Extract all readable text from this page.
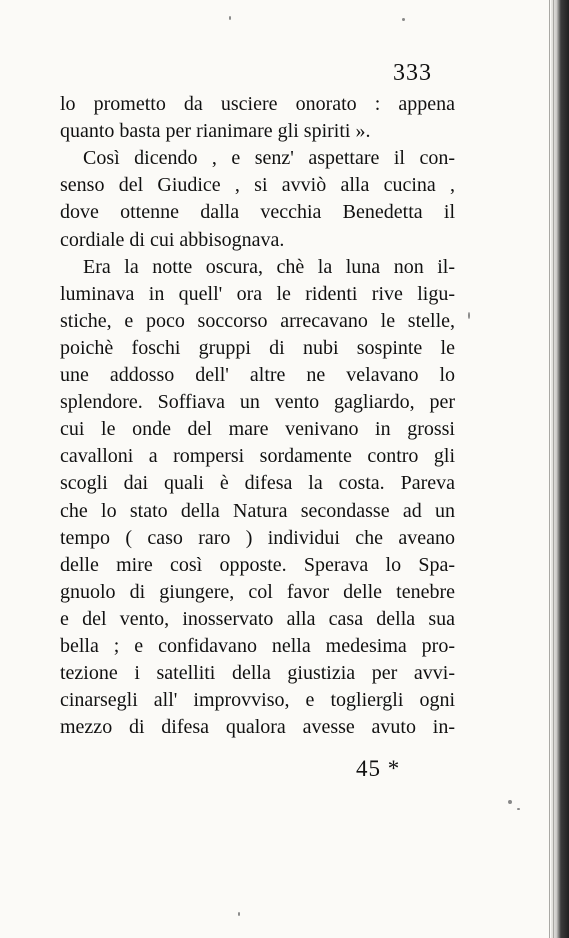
333
lo prometto da usciere onorato : appena
quanto basta per rianimare gli spiriti ».
Così dicendo , e senz' aspettare il con-
senso del Giudice , si avviò alla cucina ,
dove ottenne dalla vecchia Benedetta il
cordiale di cui abbisognava.
Era la notte oscura, chè la luna non il-
luminava in quell' ora le ridenti rive ligu-
stiche, e poco soccorso arrecavano le stelle,
poichè foschi gruppi di nubi sospinte le
une addosso dell' altre ne velavano lo
splendore. Soffiava un vento gagliardo, per
cui le onde del mare venivano in grossi
cavalloni a rompersi sordamente contro gli
scogli dai quali è difesa la costa. Pareva
che lo stato della Natura secondasse ad un
tempo ( caso raro ) individui che aveano
delle mire così opposte. Sperava lo Spa-
gnuolo di giungere, col favor delle tenebre
e del vento, inosservato alla casa della sua
bella ; e confidavano nella medesima pro-
tezione i satelliti della giustizia per avvi-
cinarsegli all' improvviso, e togliergli ogni
mezzo di difesa qualora avesse avuto in-
45 *
